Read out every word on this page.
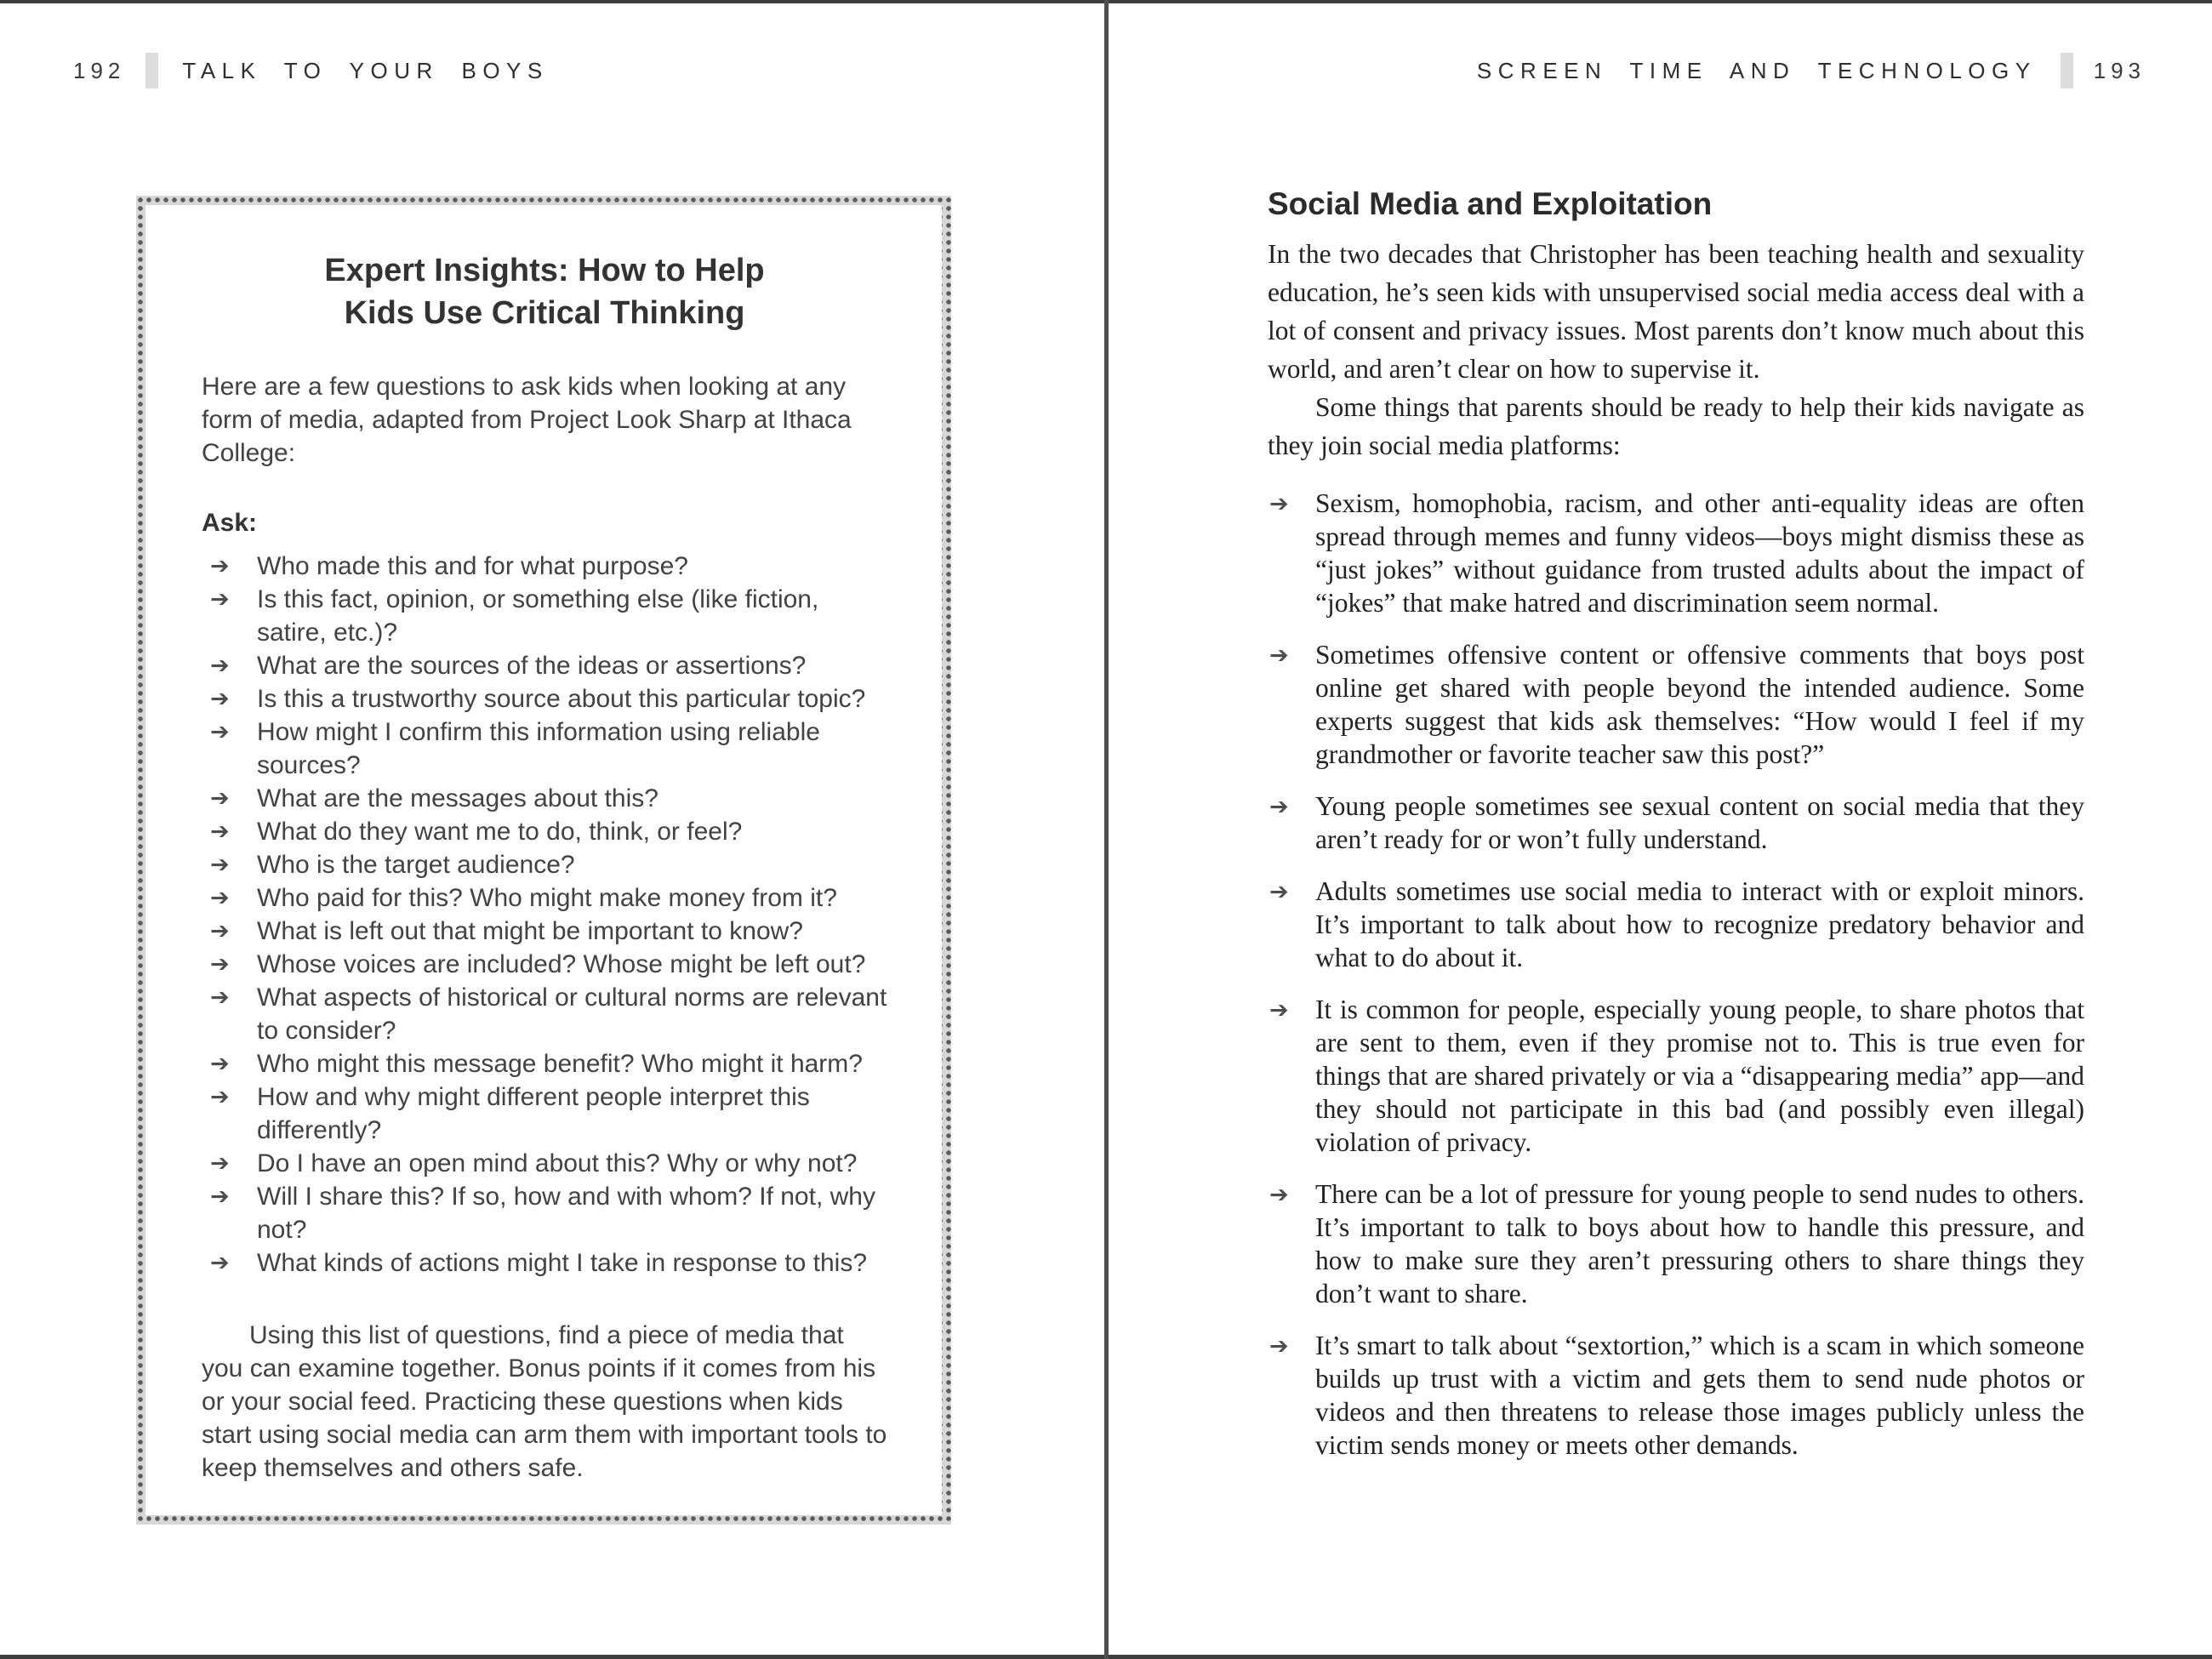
192	TALK TO YOUR BOYS	SCREEN TIME AND TECHNOLOGY	193
Expert Insights: How to Help
Kids Use Critical Thinking

Here are a few questions to ask kids when looking at any form of media, adapted from Project Look Sharp at Ithaca College:

Ask:

➔ Who made this and for what purpose?
➔ Is this fact, opinion, or something else (like fiction, satire, etc.)?
➔ What are the sources of the ideas or assertions?
➔ Is this a trustworthy source about this particular topic?
➔ How might I confirm this information using reliable sources?
➔ What are the messages about this?
➔ What do they want me to do, think, or feel?
➔ Who is the target audience?
➔ Who paid for this? Who might make money from it?
➔ What is left out that might be important to know?
➔ Whose voices are included? Whose might be left out?
➔ What aspects of historical or cultural norms are relevant to consider?
➔ Who might this message benefit? Who might it harm?
➔ How and why might different people interpret this differently?
➔ Do I have an open mind about this? Why or why not?
➔ Will I share this? If so, how and with whom? If not, why not?
➔ What kinds of actions might I take in response to this?

Using this list of questions, find a piece of media that you can examine together. Bonus points if it comes from his or your social feed. Practicing these questions when kids start using social media can arm them with important tools to keep themselves and others safe.

Social Media and Exploitation

In the two decades that Christopher has been teaching health and sexuality education, he’s seen kids with unsupervised social media access deal with a lot of consent and privacy issues. Most parents don’t know much about this world, and aren’t clear on how to supervise it.

Some things that parents should be ready to help their kids navigate as they join social media platforms:

➔ Sexism, homophobia, racism, and other anti-equality ideas are often spread through memes and funny videos—boys might dismiss these as “just jokes” without guidance from trusted adults about the impact of “jokes” that make hatred and discrimination seem normal.
➔ Sometimes offensive content or offensive comments that boys post online get shared with people beyond the intended audience. Some experts suggest that kids ask themselves: “How would I feel if my grandmother or favorite teacher saw this post?”
➔ Young people sometimes see sexual content on social media that they aren’t ready for or won’t fully understand.
➔ Adults sometimes use social media to interact with or exploit minors. It’s important to talk about how to recognize predatory behavior and what to do about it.
➔ It is common for people, especially young people, to share photos that are sent to them, even if they promise not to. This is true even for things that are shared privately or via a “disappearing media” app—and they should not participate in this bad (and possibly even illegal) violation of privacy.
➔ There can be a lot of pressure for young people to send nudes to others. It’s important to talk to boys about how to handle this pressure, and how to make sure they aren’t pressuring others to share things they don’t want to share.
➔ It’s smart to talk about “sextortion,” which is a scam in which someone builds up trust with a victim and gets them to send nude photos or videos and then threatens to release those images publicly unless the victim sends money or meets other demands.
